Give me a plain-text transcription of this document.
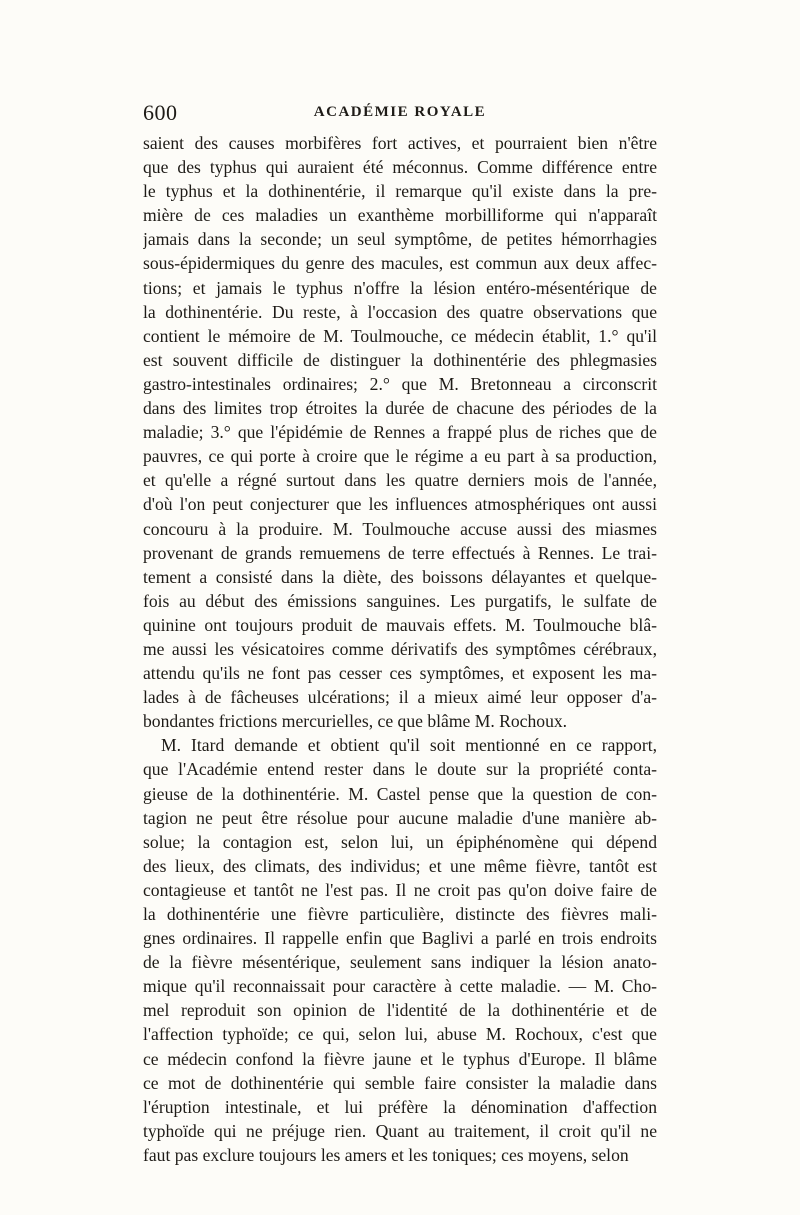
600	ACADÉMIE ROYALE
saient des causes morbifères fort actives, et pourraient bien n'être
que des typhus qui auraient été méconnus. Comme différence entre
le typhus et la dothinentérie, il remarque qu'il existe dans la pre-
mière de ces maladies un exanthème morbilliforme qui n'apparaît
jamais dans la seconde; un seul symptôme, de petites hémorrhagies
sous-épidermiques du genre des macules, est commun aux deux affec-
tions; et jamais le typhus n'offre la lésion entéro-mésentérique de
la dothinentérie. Du reste, à l'occasion des quatre observations que
contient le mémoire de M. Toulmouche, ce médecin établit, 1.° qu'il
est souvent difficile de distinguer la dothinentérie des phlegmasies
gastro-intestinales ordinaires; 2.° que M. Bretonneau a circonscrit
dans des limites trop étroites la durée de chacune des périodes de la
maladie; 3.° que l'épidémie de Rennes a frappé plus de riches que de
pauvres, ce qui porte à croire que le régime a eu part à sa production,
et qu'elle a régné surtout dans les quatre derniers mois de l'année,
d'où l'on peut conjecturer que les influences atmosphériques ont aussi
concouru à la produire. M. Toulmouche accuse aussi des miasmes
provenant de grands remuemens de terre effectués à Rennes. Le trai-
tement a consisté dans la diète, des boissons délayantes et quelque-
fois au début des émissions sanguines. Les purgatifs, le sulfate de
quinine ont toujours produit de mauvais effets. M. Toulmouche blâ-
me aussi les vésicatoires comme dérivatifs des symptômes cérébraux,
attendu qu'ils ne font pas cesser ces symptômes, et exposent les ma-
lades à de fâcheuses ulcérations; il a mieux aimé leur opposer d'a-
bondantes frictions mercurielles, ce que blâme M. Rochoux.
M. Itard demande et obtient qu'il soit mentionné en ce rapport,
que l'Académie entend rester dans le doute sur la propriété conta-
gieuse de la dothinentérie. M. Castel pense que la question de con-
tagion ne peut être résolue pour aucune maladie d'une manière ab-
solue; la contagion est, selon lui, un épiphénomène qui dépend
des lieux, des climats, des individus; et une même fièvre, tantôt est
contagieuse et tantôt ne l'est pas. Il ne croit pas qu'on doive faire de
la dothinentérie une fièvre particulière, distincte des fièvres mali-
gnes ordinaires. Il rappelle enfin que Baglivi a parlé en trois endroits
de la fièvre mésentérique, seulement sans indiquer la lésion anato-
mique qu'il reconnaissait pour caractère à cette maladie. — M. Cho-
mel reproduit son opinion de l'identité de la dothinentérie et de
l'affection typhoïde; ce qui, selon lui, abuse M. Rochoux, c'est que
ce médecin confond la fièvre jaune et le typhus d'Europe. Il blâme
ce mot de dothinentérie qui semble faire consister la maladie dans
l'éruption intestinale, et lui préfère la dénomination d'affection
typhoïde qui ne préjuge rien. Quant au traitement, il croit qu'il ne
faut pas exclure toujours les amers et les toniques; ces moyens, selon
